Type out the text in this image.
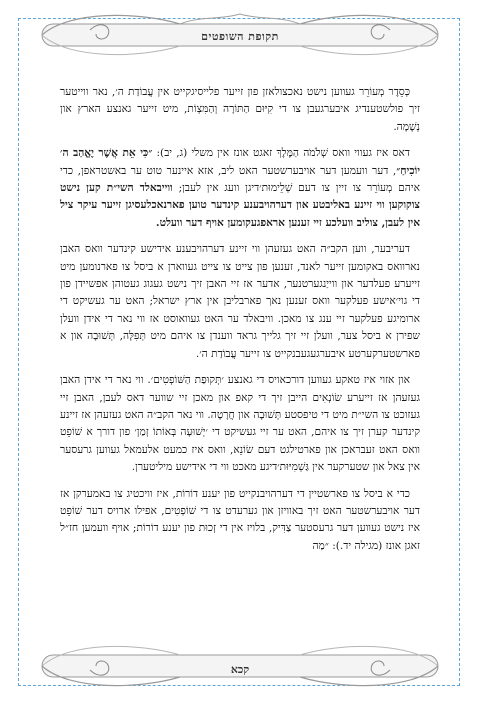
תקופת השופטים

כְּסֵדֶר מְעוֹרֵר געווען נישט נאכצולאזן פון זייער פלייסיגקייט אין עֲבוֹדַת ה׳, נאר ווייטער זיך פולשטענדיג איבערגעבן צו די קִיּוּם הַתּוֹרָה וְהַמִּצְוֹת, מיט זייער גאנצע הארץ און נְשָׁמָה.

דאס איז געווי וואס שְׁלֹמֹה הַמֶּלֶךְ זאגט אונז אין משלי (ג, יב): ״כִּי אֵת אֲשֶׁר יֶאֱהַב ה׳ יוֹכִיחַ״, דער וועמען דער אויבערשטער האט ליב, אזא איינער טוט ער באשטראפן, כדי איהם מְעוֹרֵר צו זיין צו דעם שְׁלֵימוּת׳דיגן וועג אין לעבן; ווייבאלד השי״ת קען נישט צוקוקען ווי זיינע באליבטע און דערהויבענע קינדער טוען פארנאכלעסיגן זייער עיקר ציל אין לעבן, צוליב וועלכע זיי זענען אראפגעקומען אויף דער וועלט.

דעריבער, ווען הקב״ה האט געזעהן ווי זיינע דערהויבענע אידישע קינדער וואס האבן נארוואס באקומען זייער לאנד, זענען פון צייט צו צייט געווארן א ביסל צו פארנומען מיט זייערע פעלדער און ווייַנגערטנער, אדער אז זיי האבן זיך נישט געגוג געטוהן אפשיידן פון די גוי׳אישע פעלקער וואס זענען נאך פארבליבן אין ארץ ישראל; האט ער געשיקט די ארומיגע פעלקער זיי ענג צו מאכן. וויבאלד ער האט געוואוסט אז ווי נאר די אידן וועלן שפירן א ביסל צער, וועלן זיי זיך גלייך גראד ווענדן צו איהם מיט תְּפִלָּה, תְּשׁוּבָה און א פארשטערקערטע איבערגעגעבנקייט צו זייער עֲבוֹדַת ה׳.

און אזוי איז טאקע געווען דורכאויס די גאנצע ׳תְּקוּפַת הַשּׁוֹפְטִים׳. ווי נאר די אידן האבן געזעהן אז זייערע שׂוֹנְאִים הייבן זיך די קאפ און מאכן זיי שווער דאס לעבן, האבן זיי געזוכט צו השי״ת מיט די טיפסטע תְּשׁוּבָה און חֲרָטָה. ווי נאר הקב״ה האט געזעהן אז זיינע קינדער קערן זיך צו איהם, האט ער זיי געשיקט די ׳יְשׁוּעָה בְּאוֹתוֹ זְמַן׳ פון דורך א שׁוֹפֵט וואס האט זעבראכן און פארטילגט דעם שׂוֹנֵא, וואס איז כמעט אלעמאל געווען גרעסער אין צאל און שטערקער אין גַּשְׁמִיּוּת׳דיגע מאכט ווי די אידישע מיליטערן.

כדי א ביסל צו פארשטיין די דערהויבנקייט פון יענע דוֹרוֹת, איז וויכטיג צו באמערקן אז דער אויבערשטער האט זיך באוויזן און גערעדט צו די שׁוֹפְטִים, אפילו ארויס דער שׁוֹפֵט איז נישט געווען דער גרעסטער צַדִּיק, בלויז אין די זְכוּת פון יענע דוֹרוֹת; אויף וועמען חז״ל זאגן אונז (מגילה יד.): ״מַה

קכא
